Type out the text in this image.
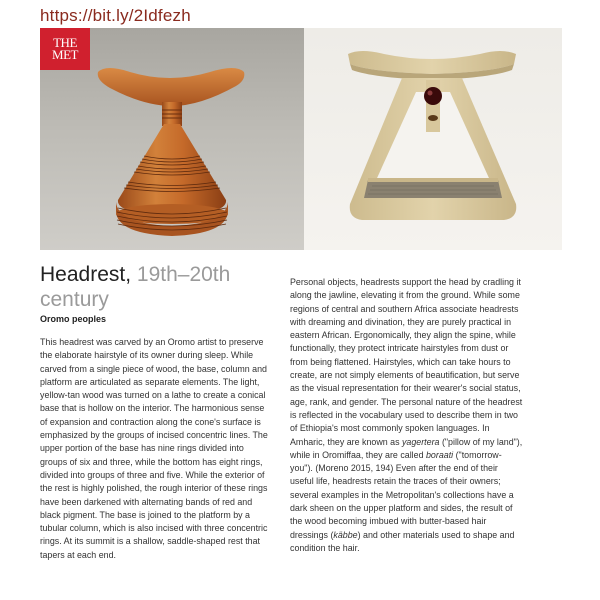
https://bit.ly/2Idfezh
THE
MET
Headrest, 19th–20th century
Oromo peoples

This headrest was carved by an Oromo artist to preserve the elaborate hairstyle of its owner during sleep. While carved from a single piece of wood, the base, column and platform are articulated as separate elements. The light, yellow-tan wood was turned on a lathe to create a conical base that is hollow on the interior. The harmonious sense of expansion and contraction along the cone's surface is emphasized by the groups of incised concentric lines. The upper portion of the base has nine rings divided into groups of six and three, while the bottom has eight rings, divided into groups of three and five. While the exterior of the rest is highly polished, the rough interior of these rings have been darkened with alternating bands of red and black pigment. The base is joined to the platform by a tubular column, which is also incised with three concentric rings. At its summit is a shallow, saddle-shaped rest that tapers at each end.

Personal objects, headrests support the head by cradling it along the jawline, elevating it from the ground. While some regions of central and southern Africa associate headrests with dreaming and divination, they are purely practical in eastern African. Ergonomically, they align the spine, while functionally, they protect intricate hairstyles from dust or from being flattened. Hairstyles, which can take hours to create, are not simply elements of beautification, but serve as the visual representation for their wearer's social status, age, rank, and gender. The personal nature of the headrest is reflected in the vocabulary used to describe them in two of Ethiopia's most commonly spoken languages. In Amharic, they are known as yagertera ("pillow of my land"), while in Oromiffaa, they are called boraati ("tomorrow-you"). (Moreno 2015, 194) Even after the end of their useful life, headrests retain the traces of their owners; several examples in the Metropolitan's collections have a dark sheen on the upper platform and sides, the result of the wood becoming imbued with butter-based hair dressings (käbbe) and other materials used to shape and condition the hair.
